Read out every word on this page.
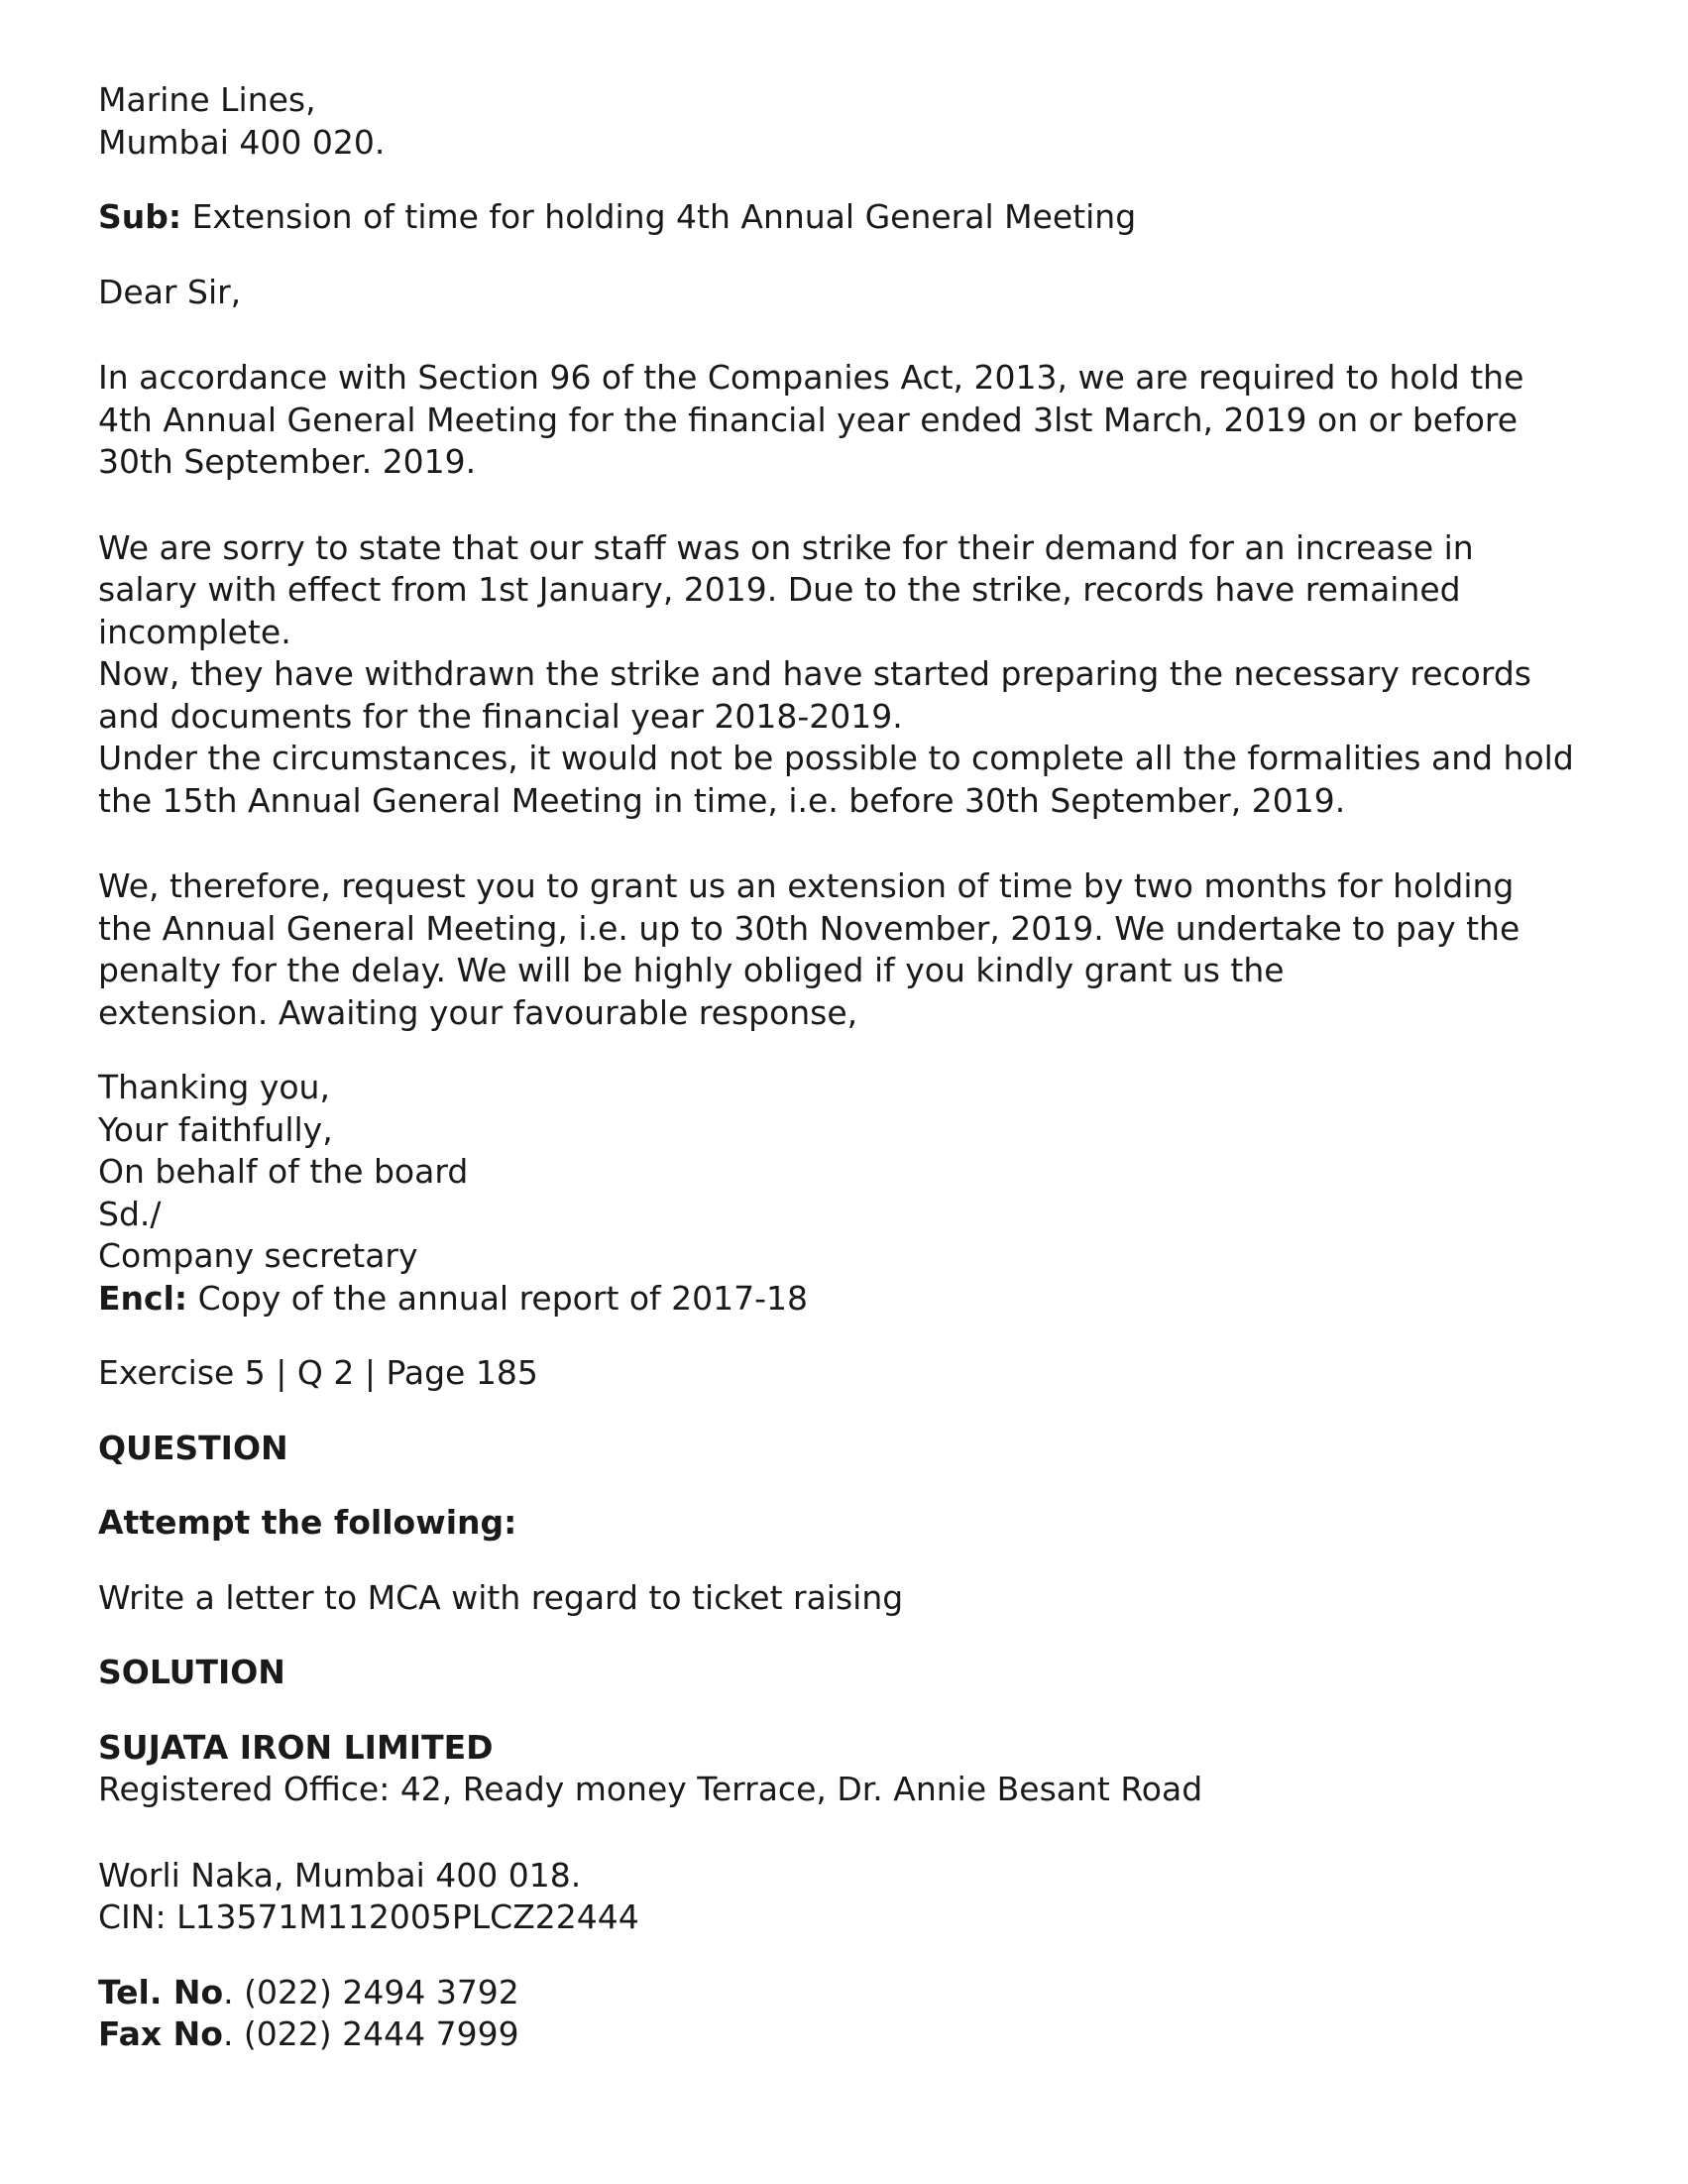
Marine Lines,
Mumbai 400 020.
Sub: Extension of time for holding 4th Annual General Meeting
Dear Sir,
In accordance with Section 96 of the Companies Act, 2013, we are required to hold the
4th Annual General Meeting for the financial year ended 3lst March, 2019 on or before
30th September. 2019.
We are sorry to state that our staff was on strike for their demand for an increase in
salary with effect from 1st January, 2019. Due to the strike, records have remained
incomplete.
Now, they have withdrawn the strike and have started preparing the necessary records
and documents for the financial year 2018-2019.
Under the circumstances, it would not be possible to complete all the formalities and hold
the 15th Annual General Meeting in time, i.e. before 30th September, 2019.
We, therefore, request you to grant us an extension of time by two months for holding
the Annual General Meeting, i.e. up to 30th November, 2019. We undertake to pay the
penalty for the delay. We will be highly obliged if you kindly grant us the
extension. Awaiting your favourable response,
Thanking you,
Your faithfully,
On behalf of the board
Sd./
Company secretary
Encl: Copy of the annual report of 2017-18
Exercise 5 | Q 2 | Page 185
QUESTION
Attempt the following:
Write a letter to MCA with regard to ticket raising
SOLUTION
SUJATA IRON LIMITED
Registered Office: 42, Ready money Terrace, Dr. Annie Besant Road
Worli Naka, Mumbai 400 018.
CIN: L13571M112005PLCZ22444
Tel. No. (022) 2494 3792
Fax No. (022) 2444 7999
